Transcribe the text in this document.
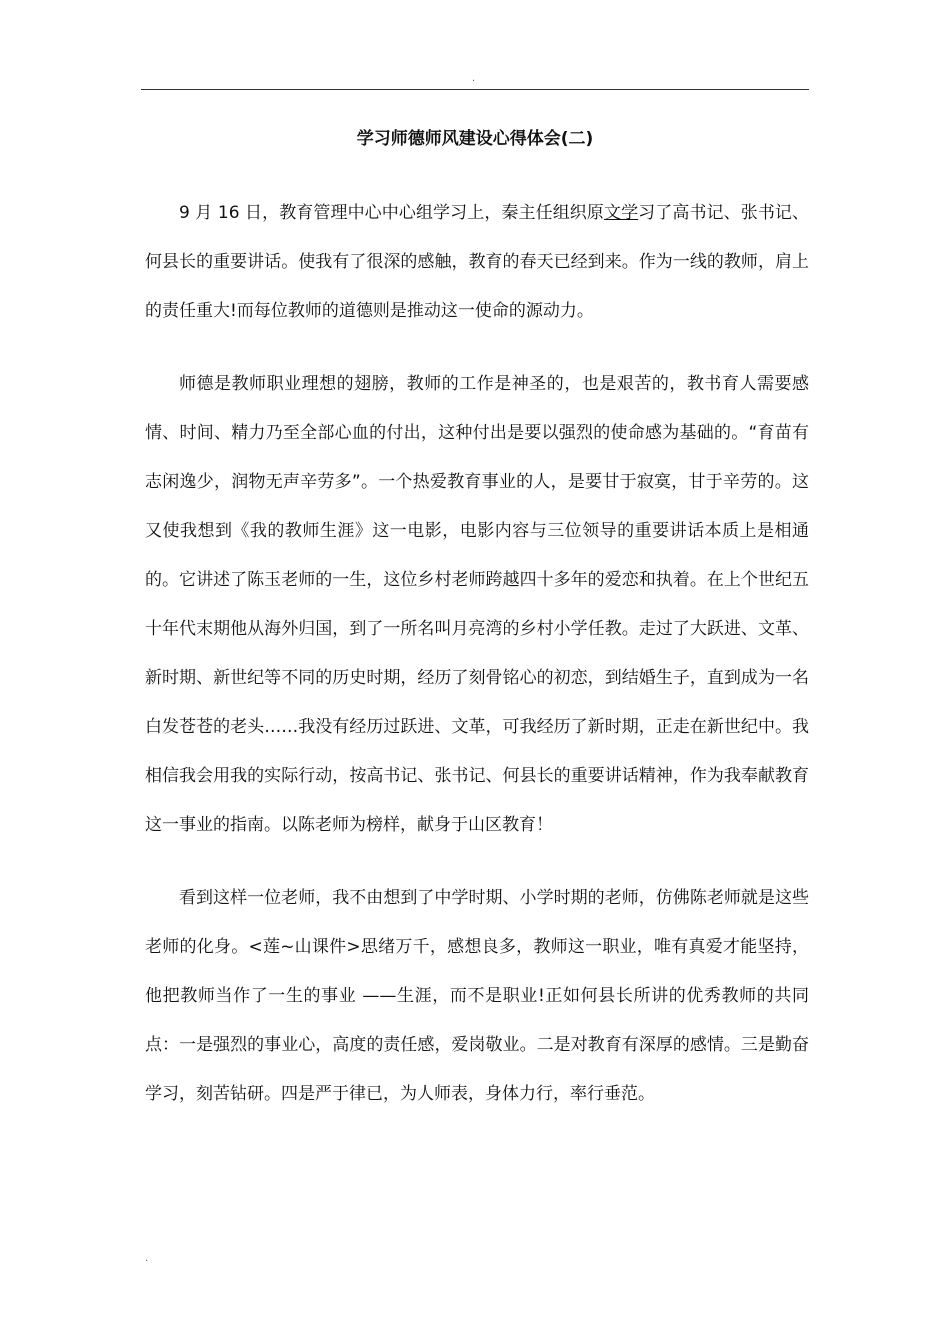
.
学习师德师风建设心得体会(二)

9 月 16 日，教育管理中心中心组学习上，秦主任组织原文学习了高书记、张书记、何县长的重要讲话。使我有了很深的感触，教育的春天已经到来。作为一线的教师，肩上的责任重大!而每位教师的道德则是推动这一使命的源动力。

师德是教师职业理想的翅膀，教师的工作是神圣的，也是艰苦的，教书育人需要感情、时间、精力乃至全部心血的付出，这种付出是要以强烈的使命感为基础的。“育苗有志闲逸少，润物无声辛劳多”。一个热爱教育事业的人，是要甘于寂寞，甘于辛劳的。这又使我想到《我的教师生涯》这一电影，电影内容与三位领导的重要讲话本质上是相通的。它讲述了陈玉老师的一生，这位乡村老师跨越四十多年的爱恋和执着。在上个世纪五十年代末期他从海外归国，到了一所名叫月亮湾的乡村小学任教。走过了大跃进、文革、新时期、新世纪等不同的历史时期，经历了刻骨铭心的初恋，到结婚生子，直到成为一名白发苍苍的老头……我没有经历过跃进、文革，可我经历了新时期，正走在新世纪中。我相信我会用我的实际行动，按高书记、张书记、何县长的重要讲话精神，作为我奉献教育这一事业的指南。以陈老师为榜样，献身于山区教育！

看到这样一位老师，我不由想到了中学时期、小学时期的老师，仿佛陈老师就是这些老师的化身。<莲~山课件>思绪万千，感想良多，教师这一职业，唯有真爱才能坚持，他把教师当作了一生的事业 ——生涯，而不是职业!正如何县长所讲的优秀教师的共同点：一是强烈的事业心，高度的责任感，爱岗敬业。二是对教育有深厚的感情。三是勤奋学习，刻苦钻研。四是严于律已，为人师表，身体力行，率行垂范。

.
